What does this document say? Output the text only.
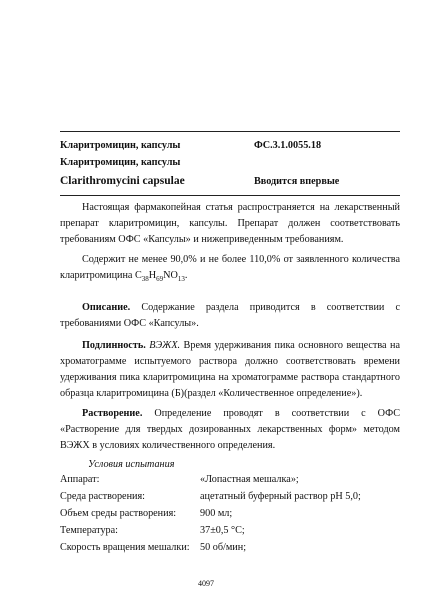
Кларитромицин, капсулы	ФС.3.1.0055.18
Кларитромицин, капсулы
Clarithromycini capsulae	Вводится впервые
Настоящая фармакопейная статья распространяется на лекарственный препарат кларитромицин, капсулы. Препарат должен соответствовать требованиям ОФС «Капсулы» и нижеприведенным требованиям.
Содержит не менее 90,0% и не более 110,0% от заявленного количества кларитромицина $C_{38}H_{69}NO_{13}$.
Описание. Содержание раздела приводится в соответствии с требованиями ОФС «Капсулы».
Подлинность. ВЭЖХ. Время удерживания пика основного вещества на хроматограмме испытуемого раствора должно соответствовать времени удерживания пика кларитромицина на хроматограмме раствора стандартного образца кларитромицина (Б)(раздел «Количественное определение»).
Растворение. Определение проводят в соответствии с ОФС «Растворение для твердых дозированных лекарственных форм» методом ВЭЖХ в условиях количественного определения.
Условия испытания
Аппарат:	«Лопастная мешалка»;
Среда растворения:	ацетатный буферный раствор рН 5,0;
Объем среды растворения: 900 мл;
Температура:	37±0,5 °С;
Скорость вращения мешалки: 50 об/мин;
4097
